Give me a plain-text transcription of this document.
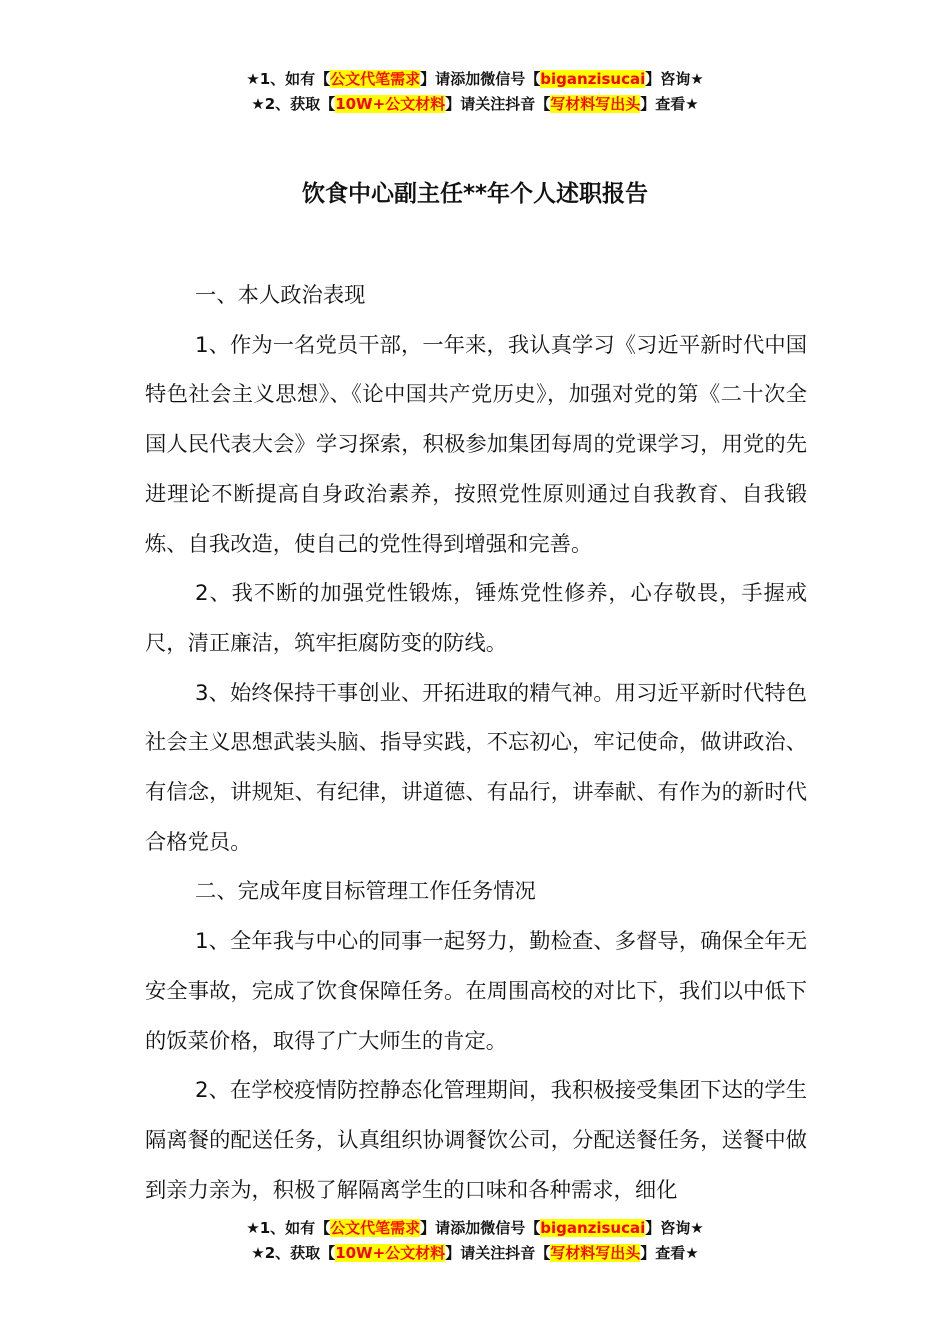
★1、如有【公文代笔需求】请添加微信号【biganzisucai】咨询★
★2、获取【10W+公文材料】请关注抖音【写材料写出头】查看★
饮食中心副主任**年个人述职报告

一、本人政治表现

1、作为一名党员干部，一年来，我认真学习《习近平新时代中国特色社会主义思想》、《论中国共产党历史》，加强对党的第《二十次全国人民代表大会》学习探索，积极参加集团每周的党课学习，用党的先进理论不断提高自身政治素养，按照党性原则通过自我教育、自我锻炼、自我改造，使自己的党性得到增强和完善。

2、我不断的加强党性锻炼，锤炼党性修养，心存敬畏，手握戒尺，清正廉洁，筑牢拒腐防变的防线。

3、始终保持干事创业、开拓进取的精气神。用习近平新时代特色社会主义思想武装头脑、指导实践，不忘初心，牢记使命，做讲政治、有信念，讲规矩、有纪律，讲道德、有品行，讲奉献、有作为的新时代合格党员。

二、完成年度目标管理工作任务情况

1、全年我与中心的同事一起努力，勤检查、多督导，确保全年无安全事故，完成了饮食保障任务。在周围高校的对比下，我们以中低下的饭菜价格，取得了广大师生的肯定。

2、在学校疫情防控静态化管理期间，我积极接受集团下达的学生隔离餐的配送任务，认真组织协调餐饮公司，分配送餐任务，送餐中做到亲力亲为，积极了解隔离学生的口味和各种需求，细化

★1、如有【公文代笔需求】请添加微信号【biganzisucai】咨询★
★2、获取【10W+公文材料】请关注抖音【写材料写出头】查看★
